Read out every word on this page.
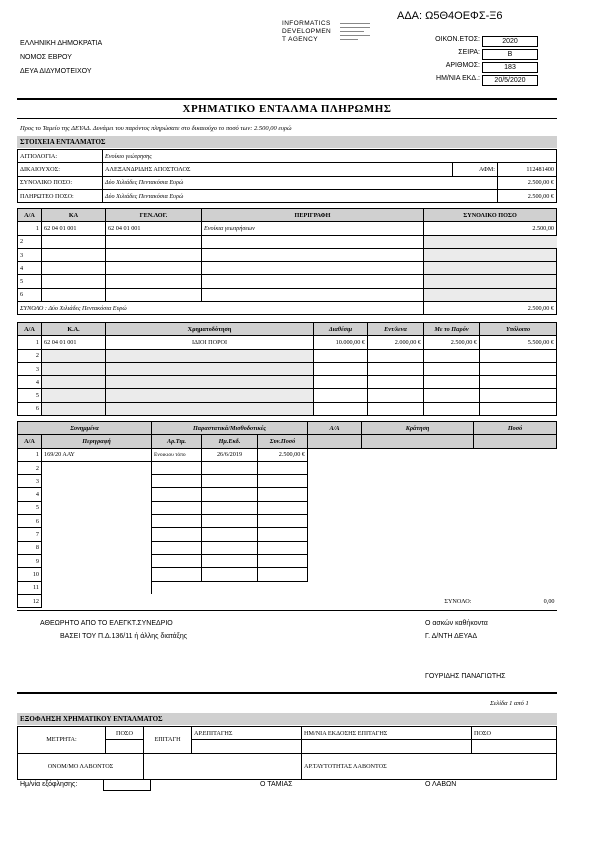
ΑΔΑ: Ω5Θ4ΟΕΦΣ-Ξ6
ΕΛΛΗΝΙΚΗ ΔΗΜΟΚΡΑΤΙΑ
ΝΟΜΟΣ ΕΒΡΟΥ
ΔΕΥΑ ΔΙΔΥΜΟΤΕΙΧΟΥ
INFORMATICS
DEVELOPMEN
T AGENCY	ΟΙΚΟΝ.ΕΤΟΣ:	2020
ΣΕΙΡΑ:	Β
ΑΡΙΘΜΟΣ:	183
ΗΜ/ΝΙΑ ΕΚΔ.:	20/5/2020
ΧΡΗΜΑΤΙΚΟ ΕΝΤΑΛΜΑ ΠΛΗΡΩΜΗΣ
Προς το Ταμείο της ΔΕΥΑΔ. Δυνάμει του παρόντος πληρώσατε στο δικαιούχο το ποσό των: 2.500,00 ευρώ
ΣΤΟΙΧΕΙΑ ΕΝΤΑΛΜΑΤΟΣ
ΑΙΤΙΟΛΟΓΙΑ:	Ενοίκιο γεώτρησης		
ΔΙΚΑΙΟΥΧΟΣ:	ΑΛΕΞΑΝΔΡΙΔΗΣ ΑΠΟΣΤΟΛΟΣ	ΑΦΜ:	112481400
ΣΥΝΟΛΙΚΟ ΠΟΣΟ:	Δύο Χιλιάδες Πεντακόσια Ευρώ		2.500,00 €
ΠΛΗΡΩΤΕΟ ΠΟΣΟ:	Δύο Χιλιάδες Πεντακόσια Ευρώ		2.500,00 €
Α/Α	ΚΑ	ΓΕΝ.ΛΟΓ.	ΠΕΡΙΓΡΑΦΗ	ΣΥΝΟΛΙΚΟ ΠΟΣΟ
1	62 04 01 001	62 04 01 001	Ενοίκια γεωτρήσεων	2.500,00
2				
3				
4				
5				
6				
ΣΥΝΟΛΟ : Δύο Χιλιάδες Πεντακόσια Ευρώ				2.500,00 €
Α/Α	Κ.Α.	Χρηματοδότηση	Διαθέσιμ	Εντ/λενα	Με το Παρόν	Υπόλοιπο
1	62 04 01 001	ΙΔΙΟΙ ΠΟΡΟΙ	10.000,00 €	2.000,00 €	2.500,00 €	5.500,00 €
2						
3						
4						
5						
6						
Συνημμένα		Παραστατικά/Μισθοδοτικές			Α/Α	Κράτηση	Ποσό
Α/Α	Περιγραφή	Αρ.Τιμ.	Ημ.Εκδ.	Συν.Ποσό			
1	169/20 ΑΑΥ	Ενοικιου τόπο	26/6/2019	2.500,00 €			
2							
3							
4							
5							
6							
7							
8							
9							
10							
11							
12						ΣΥΝΟΛΟ:	0,00
ΑΘΕΩΡΗΤΟ ΑΠΟ ΤΟ ΕΛΕΓΚΤ.ΣΥΝΕΔΡΙΟ
ΒΑΣΕΙ ΤΟΥ Π.Δ.136/11 ή άλλης διατάξης
Ο ασκών καθήκοντα
Γ. Δ/ΝΤΗ ΔΕΥΑΔ
ΓΟΥΡΙΔΗΣ ΠΑΝΑΓΙΩΤΗΣ
Σελίδα 1 από 1
ΕΞΟΦΛΗΣΗ ΧΡΗΜΑΤΙΚΟΥ ΕΝΤΑΛΜΑΤΟΣ
ΜΕΤΡΗΤΑ:	ΠΟΣΟ	ΕΠΙΤΑΓΗ	ΑΡ.ΕΠΙΤΑΓΗΣ	ΗΜ/ΝΙΑ ΕΚΔΟΣΗΣ ΕΠΙΤΑΓΗΣ	ΠΟΣΟ

ΟΝΟΜ/ΜΟ ΛΑΒΟΝΤΟΣ				ΑΡ.ΤΑΥΤΟΤΗΤΑΣ ΛΑΒΟΝΤΟΣ	
Ημ/νία εξόφλησης:	Ο ΤΑΜΙΑΣ	Ο ΛΑΒΩΝ
